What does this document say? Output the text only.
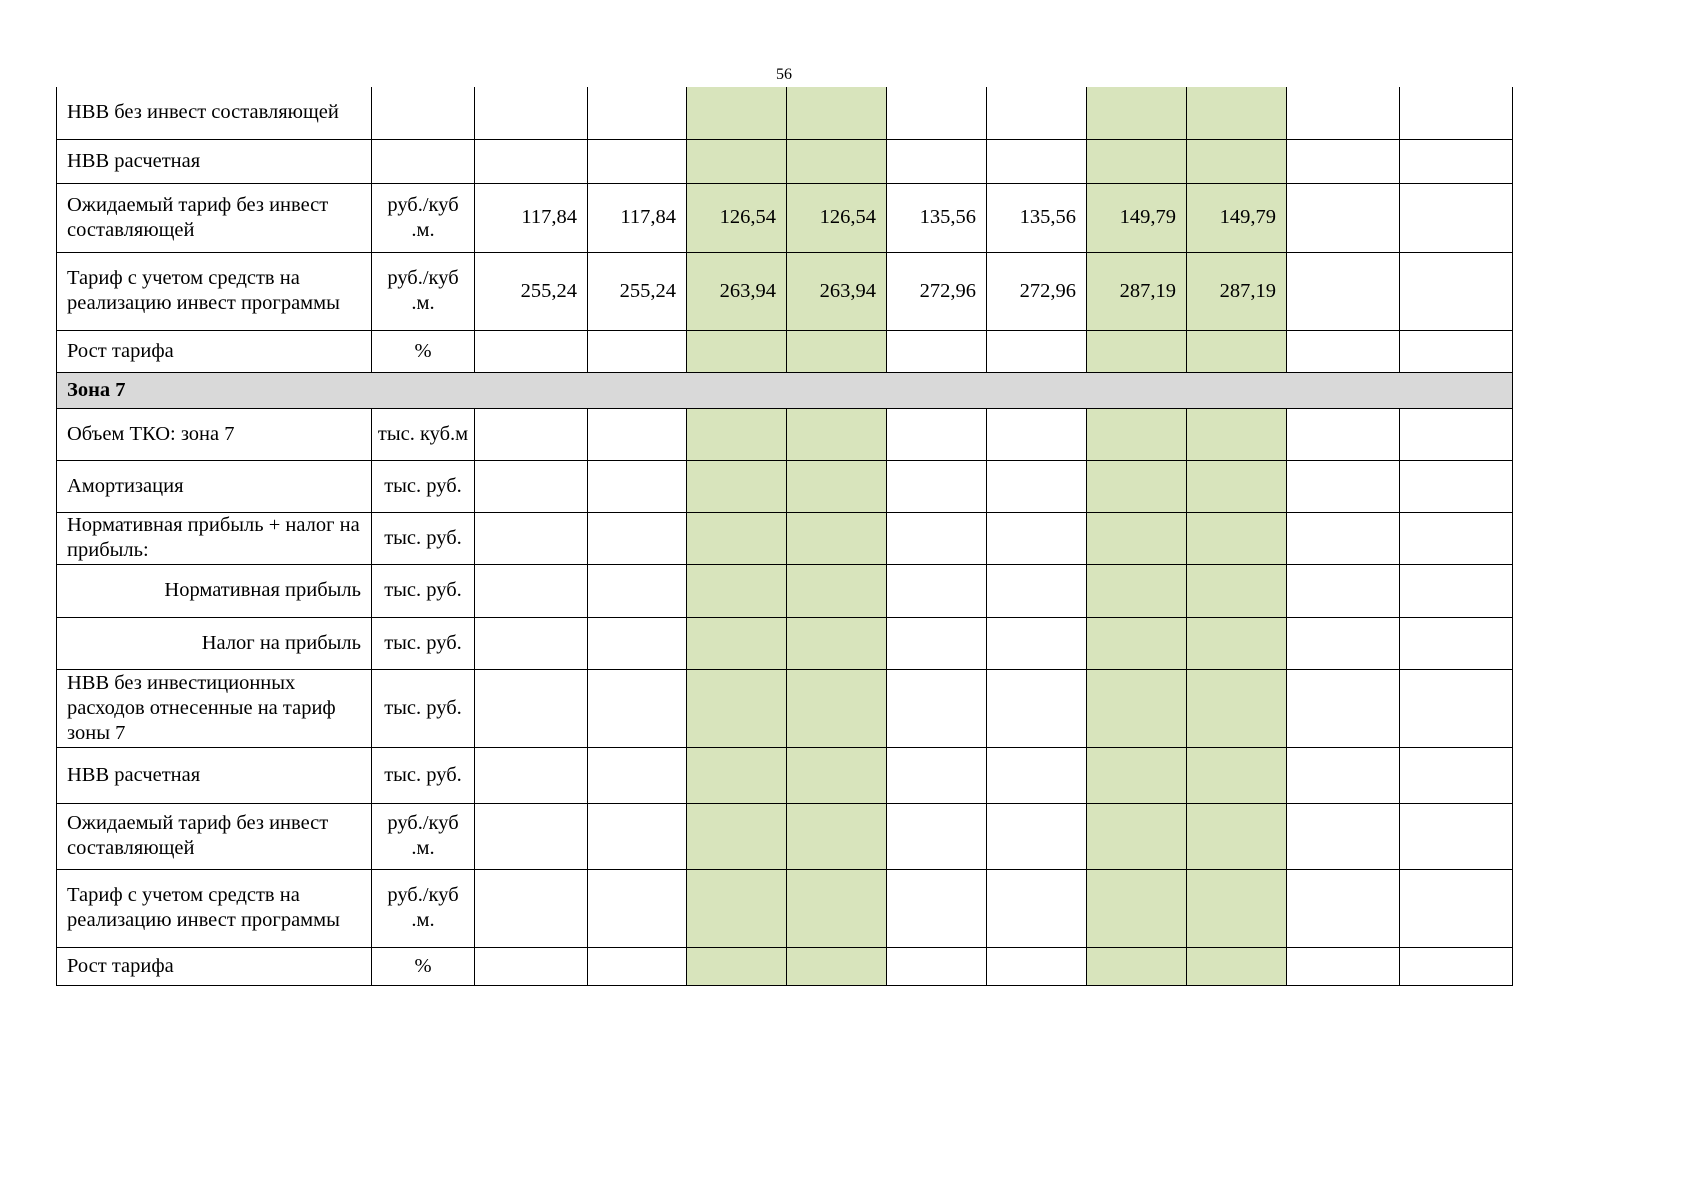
56
НВВ без инвест составляющей											
НВВ расчетная											
Ожидаемый тариф без инвест составляющей	руб./куб .м.	117,84	117,84	126,54	126,54	135,56	135,56	149,79	149,79		
Тариф с учетом средств на реализацию инвест программы	руб./куб .м.	255,24	255,24	263,94	263,94	272,96	272,96	287,19	287,19		
Рост тарифа	%										
Зона 7											
Объем ТКО: зона 7	тыс. куб.м										
Амортизация	тыс. руб.										
Нормативная прибыль + налог на прибыль:	тыс. руб.										
Нормативная прибыль	тыс. руб.										
Налог на прибыль	тыс. руб.										
НВВ без инвестиционных расходов отнесенные на тариф зоны 7	тыс. руб.										
НВВ расчетная	тыс. руб.										
Ожидаемый тариф без инвест составляющей	руб./куб .м.										
Тариф с учетом средств на реализацию инвест программы	руб./куб .м.										
Рост тарифа	%										
